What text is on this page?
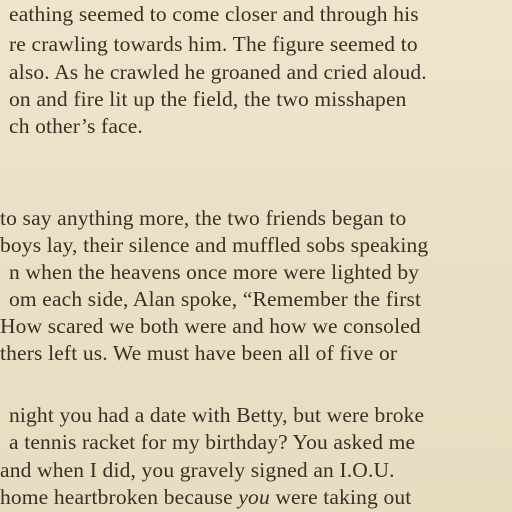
eathing seemed to come closer and through his
re crawling towards him. The figure seemed to
also. As he crawled he groaned and cried aloud.
on and fire lit up the field, the two misshapen
ch other’s face.
to say anything more, the two friends began to
boys lay, their silence and muffled sobs speaking
n when the heavens once more were lighted by
om each side, Alan spoke, “Remember the first
How scared we both were and how we consoled
thers left us. We must have been all of five or
night you had a date with Betty, but were broke
a tennis racket for my birthday? You asked me
and when I did, you gravely signed an I.O.U.
home heartbroken because you were taking out
